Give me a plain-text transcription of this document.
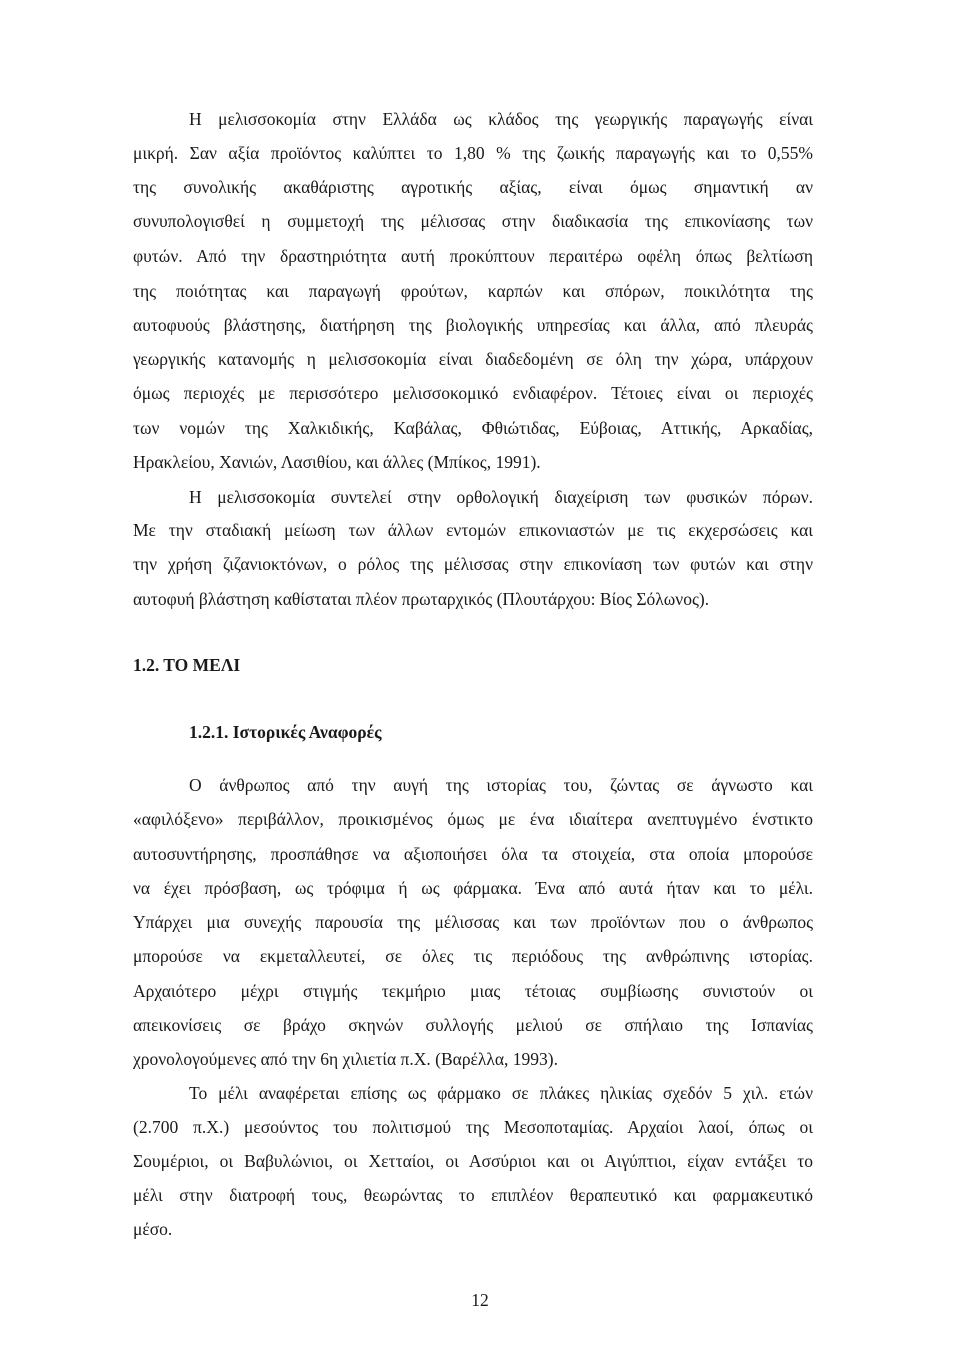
Η μελισσοκομία στην Ελλάδα ως κλάδος της γεωργικής παραγωγής είναι
μικρή. Σαν αξία προϊόντος καλύπτει το 1,80 % της ζωικής παραγωγής και το 0,55%
της συνολικής ακαθάριστης αγροτικής αξίας, είναι όμως σημαντική αν
συνυπολογισθεί η συμμετοχή της μέλισσας στην διαδικασία της επικονίασης των
φυτών. Από την δραστηριότητα αυτή προκύπτουν περαιτέρω οφέλη όπως βελτίωση
της ποιότητας και παραγωγή φρούτων, καρπών και σπόρων, ποικιλότητα της
αυτοφυούς βλάστησης, διατήρηση της βιολογικής υπηρεσίας και άλλα, από πλευράς
γεωργικής κατανομής η μελισσοκομία είναι διαδεδομένη σε όλη την χώρα, υπάρχουν
όμως περιοχές με περισσότερο μελισσοκομικό ενδιαφέρον. Τέτοιες είναι οι περιοχές
των νομών της Χαλκιδικής, Καβάλας, Φθιώτιδας, Εύβοιας, Αττικής, Αρκαδίας,
Ηρακλείου, Χανιών, Λασιθίου, και άλλες (Μπίκος, 1991).
Η μελισσοκομία συντελεί στην ορθολογική διαχείριση των φυσικών πόρων.
Με την σταδιακή μείωση των άλλων εντομών επικονιαστών με τις εκχερσώσεις και
την χρήση ζιζανιοκτόνων, ο ρόλος της μέλισσας στην επικονίαση των φυτών και στην
αυτοφυή βλάστηση καθίσταται πλέον πρωταρχικός (Πλουτάρχου: Βίος Σόλωνος).
1.2. ΤΟ ΜΕΛΙ
1.2.1. Ιστορικές Αναφορές
Ο άνθρωπος από την αυγή της ιστορίας του, ζώντας σε άγνωστο και
«αφιλόξενο» περιβάλλον, προικισμένος όμως με ένα ιδιαίτερα ανεπτυγμένο ένστικτο
αυτοσυντήρησης, προσπάθησε να αξιοποιήσει όλα τα στοιχεία, στα οποία μπορούσε
να έχει πρόσβαση, ως τρόφιμα ή ως φάρμακα. Ένα από αυτά ήταν και το μέλι.
Υπάρχει μια συνεχής παρουσία της μέλισσας και των προϊόντων που ο άνθρωπος
μπορούσε να εκμεταλλευτεί, σε όλες τις περιόδους της ανθρώπινης ιστορίας.
Αρχαιότερο μέχρι στιγμής τεκμήριο μιας τέτοιας συμβίωσης συνιστούν οι
απεικονίσεις σε βράχο σκηνών συλλογής μελιού σε σπήλαιο της Ισπανίας
χρονολογούμενες από την 6η χιλιετία π.Χ. (Βαρέλλα, 1993).
Το μέλι αναφέρεται επίσης ως φάρμακο σε πλάκες ηλικίας σχεδόν 5 χιλ. ετών
(2.700 π.Χ.) μεσούντος του πολιτισμού της Μεσοποταμίας. Αρχαίοι λαοί, όπως οι
Σουμέριοι, οι Βαβυλώνιοι, οι Χετταίοι, οι Ασσύριοι και οι Αιγύπτιοι, είχαν εντάξει το
μέλι στην διατροφή τους, θεωρώντας το επιπλέον θεραπευτικό και φαρμακευτικό
μέσο.
12
